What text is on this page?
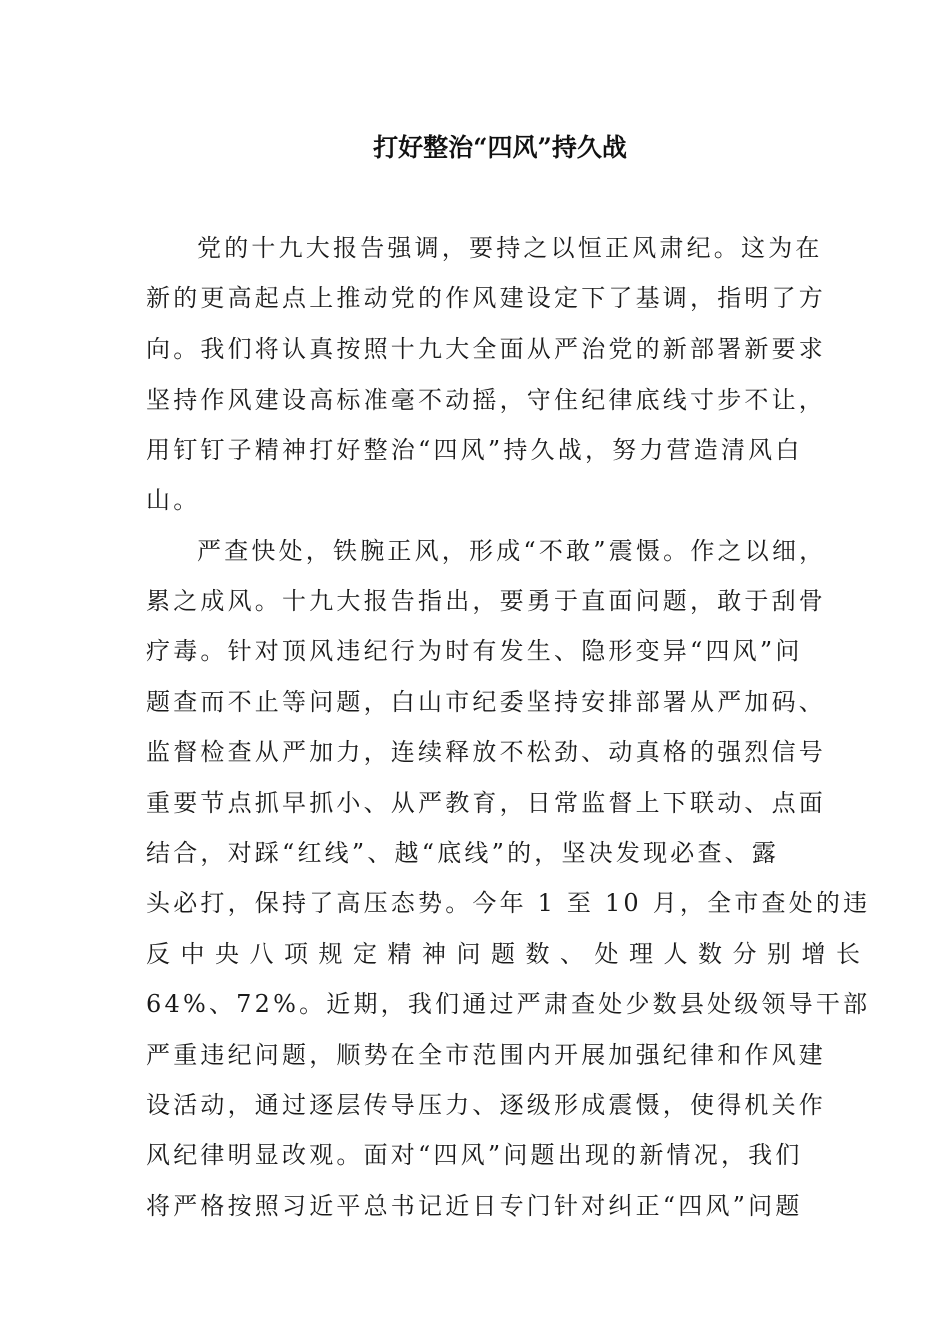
打好整治“四风”持久战
党的十九大报告强调，要持之以恒正风肃纪。这为在
新的更高起点上推动党的作风建设定下了基调，指明了方
向。我们将认真按照十九大全面从严治党的新部署新要求
坚持作风建设高标准毫不动摇，守住纪律底线寸步不让，
用钉钉子精神打好整治“四风”持久战，努力营造清风白
山。
严查快处，铁腕正风，形成“不敢”震慑。作之以细，
累之成风。十九大报告指出，要勇于直面问题，敢于刮骨
疗毒。针对顶风违纪行为时有发生、隐形变异“四风”问
题查而不止等问题，白山市纪委坚持安排部署从严加码、
监督检查从严加力，连续释放不松劲、动真格的强烈信号
重要节点抓早抓小、从严教育，日常监督上下联动、点面
结合，对踩“红线”、越“底线”的，坚决发现必查、露
头必打，保持了高压态势。今年 1 至 10 月，全市查处的违
反中央八项规定精神问题数、处理人数分别增长
64%、72%。近期，我们通过严肃查处少数县处级领导干部
严重违纪问题，顺势在全市范围内开展加强纪律和作风建
设活动，通过逐层传导压力、逐级形成震慑，使得机关作
风纪律明显改观。面对“四风”问题出现的新情况，我们
将严格按照习近平总书记近日专门针对纠正“四风”问题
